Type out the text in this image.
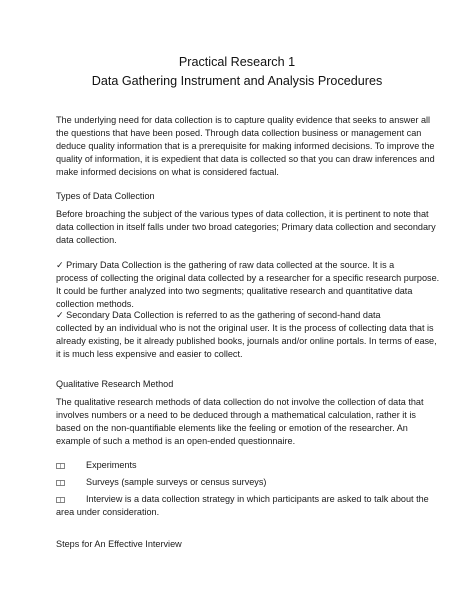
Practical Research 1
Data Gathering Instrument and Analysis Procedures

The underlying need for data collection is to capture quality evidence that seeks to answer all

the questions that have been posed. Through data collection business or management can

deduce quality information that is a prerequisite for making informed decisions. To improve the

quality of information, it is expedient that data is collected so that you can draw inferences and

make informed decisions on what is considered factual.

Types of Data Collection

Before broaching the subject of the various types of data collection, it is pertinent to note that

data collection in itself falls under two broad categories; Primary data collection and secondary

data collection.

✓ Primary Data Collection is the gathering of raw data collected at the source. It is a

process of collecting the original data collected by a researcher for a specific research purpose.

It could be further analyzed into two segments; qualitative research and quantitative data

collection methods.

✓ Secondary Data Collection is referred to as the gathering of second-hand data

collected by an individual who is not the original user. It is the process of collecting data that is

already existing, be it already published books, journals and/or online portals. In terms of ease,

it is much less expensive and easier to collect.

Qualitative Research Method

The qualitative research methods of data collection do not involve the collection of data that

involves numbers or a need to be deduced through a mathematical calculation, rather it is

based on the non-quantifiable elements like the feeling or emotion of the researcher. An

example of such a method is an open-ended questionnaire.

Experiments
Surveys (sample surveys or census surveys)

Interview is a data collection strategy in which participants are asked to talk about the

area under consideration.

Steps for An Effective Interview
